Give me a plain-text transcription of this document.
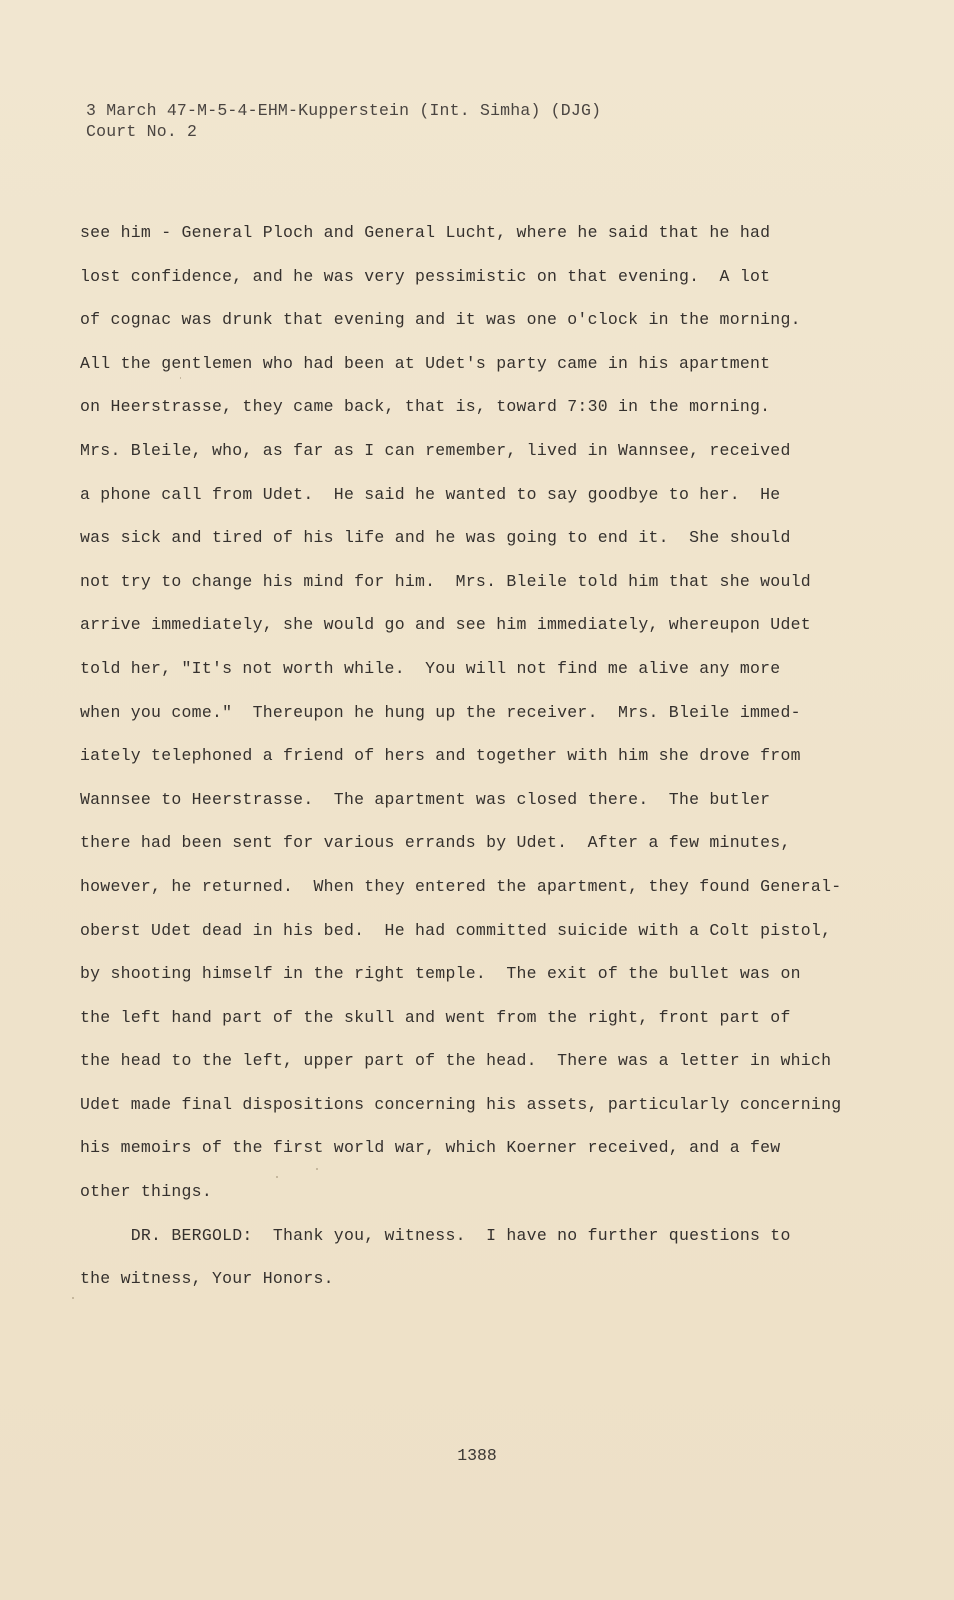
3 March 47-M-5-4-EHM-Kupperstein (Int. Simha) (DJG)
Court No. 2
see him - General Ploch and General Lucht, where he said that he had
lost confidence, and he was very pessimistic on that evening.  A lot
of cognac was drunk that evening and it was one o'clock in the morning.
All the gentlemen who had been at Udet's party came in his apartment
on Heerstrasse, they came back, that is, toward 7:30 in the morning.
Mrs. Bleile, who, as far as I can remember, lived in Wannsee, received
a phone call from Udet.  He said he wanted to say goodbye to her.  He
was sick and tired of his life and he was going to end it.  She should
not try to change his mind for him.  Mrs. Bleile told him that she would
arrive immediately, she would go and see him immediately, whereupon Udet
told her, "It's not worth while.  You will not find me alive any more
when you come."  Thereupon he hung up the receiver.  Mrs. Bleile immed-
iately telephoned a friend of hers and together with him she drove from
Wannsee to Heerstrasse.  The apartment was closed there.  The butler
there had been sent for various errands by Udet.  After a few minutes,
however, he returned.  When they entered the apartment, they found General-
oberst Udet dead in his bed.  He had committed suicide with a Colt pistol,
by shooting himself in the right temple.  The exit of the bullet was on
the left hand part of the skull and went from the right, front part of
the head to the left, upper part of the head.  There was a letter in which
Udet made final dispositions concerning his assets, particularly concerning
his memoirs of the first world war, which Koerner received, and a few
other things.
DR. BERGOLD:  Thank you, witness.  I have no further questions to
the witness, Your Honors.
1388
